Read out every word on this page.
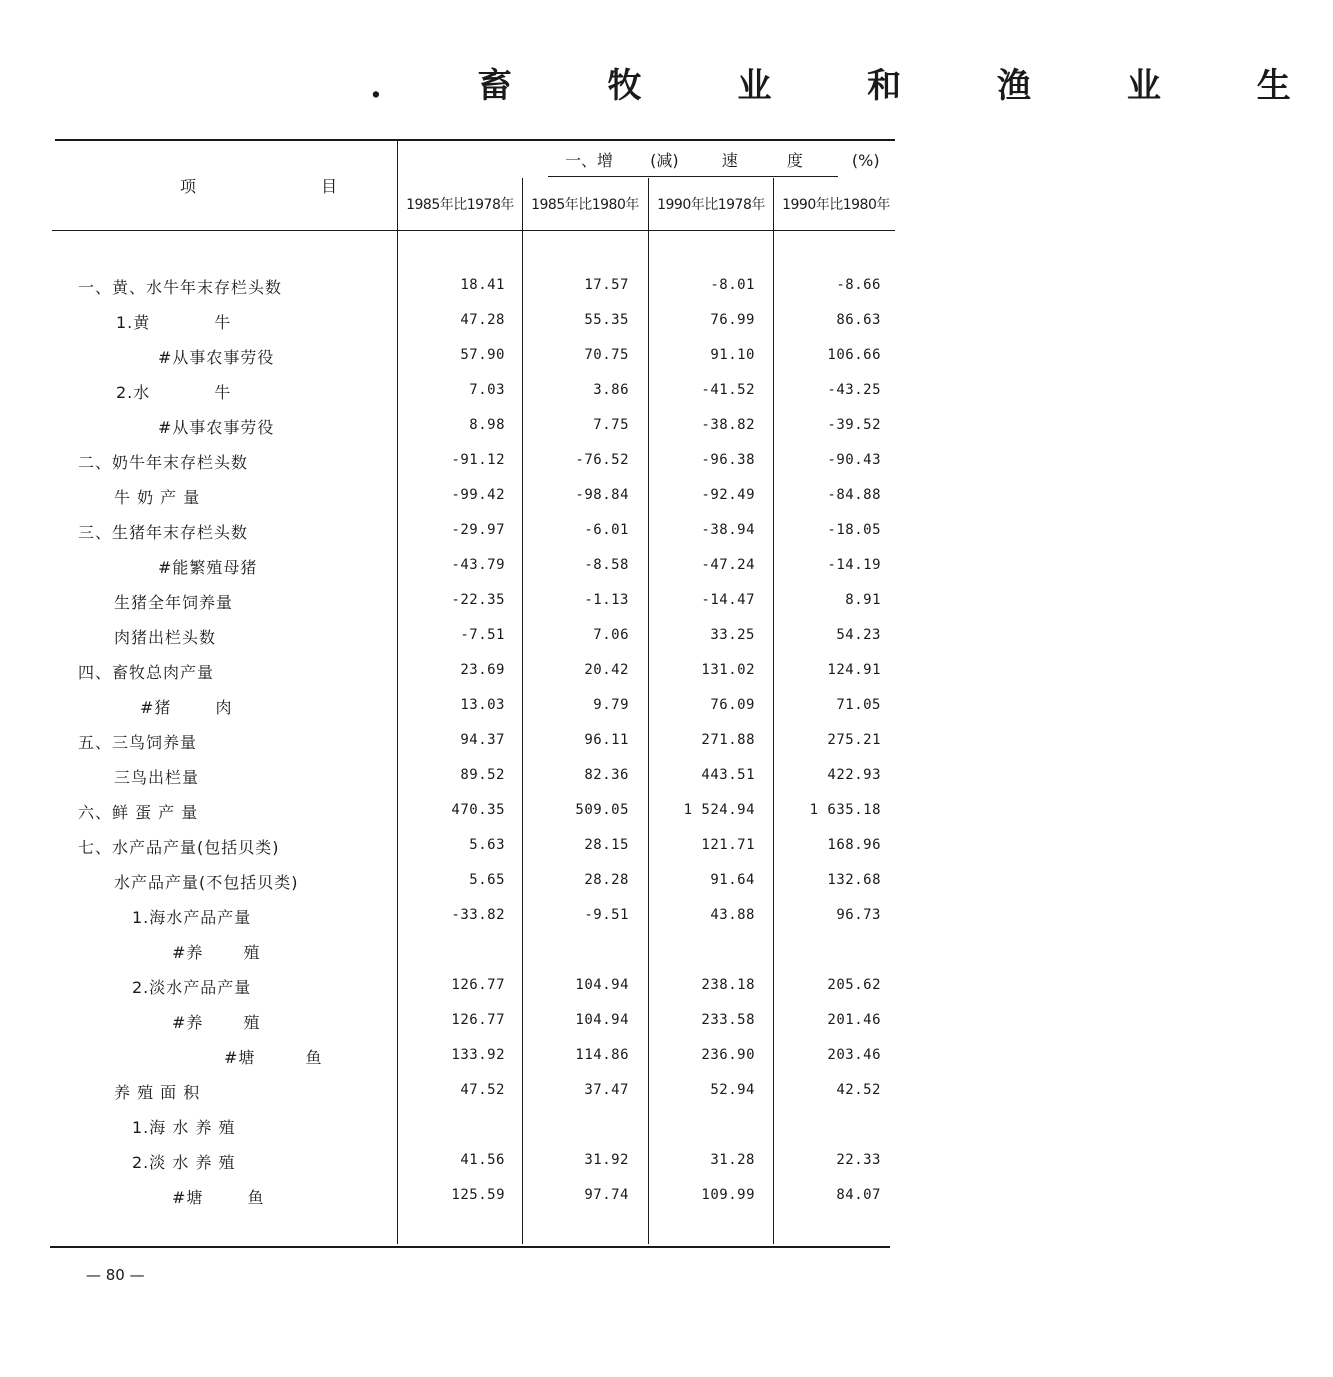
. 畜 牧 业 和 渔 业 生
项 目
一、增 (减)	速	度	(%)
1985年比1978年	1985年比1980年	1990年比1978年	1990年比1980年
一、黄、水牛年末存栏头数	18.41	17.57	-8.01	-8.66
1.黄 牛	47.28	55.35	76.99	86.63
#从事农事劳役	57.90	70.75	91.10	106.66
2.水 牛	7.03	3.86	-41.52	-43.25
#从事农事劳役	8.98	7.75	-38.82	-39.52
二、奶牛年末存栏头数	-91.12	-76.52	-96.38	-90.43
牛 奶 产 量	-99.42	-98.84	-92.49	-84.88
三、生猪年末存栏头数	-29.97	-6.01	-38.94	-18.05
#能繁殖母猪	-43.79	-8.58	-47.24	-14.19
生猪全年饲养量	-22.35	-1.13	-14.47	8.91
肉猪出栏头数	-7.51	7.06	33.25	54.23
四、畜牧总肉产量	23.69	20.42	131.02	124.91
#猪 肉	13.03	9.79	76.09	71.05
五、三鸟饲养量	94.37	96.11	271.88	275.21
三鸟出栏量	89.52	82.36	443.51	422.93
六、鲜 蛋 产 量	470.35	509.05	1 524.94	1 635.18
七、水产品产量(包括贝类)	5.63	28.15	121.71	168.96
水产品产量(不包括贝类)	5.65	28.28	91.64	132.68
1.海水产品产量	-33.82	-9.51	43.88	96.73
#养 殖
2.淡水产品产量	126.77	104.94	238.18	205.62
#养 殖	126.77	104.94	233.58	201.46
#塘 鱼	133.92	114.86	236.90	203.46
养 殖 面 积	47.52	37.47	52.94	42.52
1.海 水 养 殖
2.淡 水 养 殖	41.56	31.92	31.28	22.33
#塘 鱼	125.59	97.74	109.99	84.07
— 80 —
